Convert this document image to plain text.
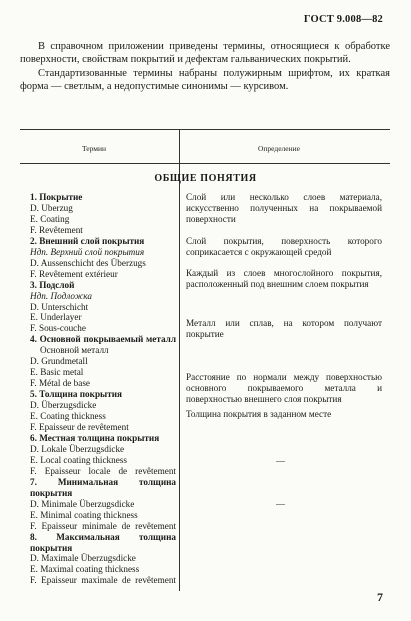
ГОСТ 9.008—82

В справочном приложении приведены термины, относящиеся к обработке поверхности, свойствам покрытий и дефектам гальванических покрытий.

Стандартизованные термины набраны полужирным шрифтом, их краткая форма — светлым, а недопустимые синонимы — курсивом.

Термин	Определение
ОБЩИЕ ПОНЯТИЯ
1. Покрытие
D. Uberzug
E. Coating
F. Revêtement
2. Внешний слой покрытия
Ндп. Верхний слой покрытия
D. Aussenschicht des Überzugs
F. Revêtement extérieur
3. Подслой
Ндп. Подложка
D. Unterschicht
E. Underlayer
F. Sous-couche
4. Основной покрываемый металл
Основной металл
D. Grundmetall
E. Basic metal
F. Métal de base
5. Толщина покрытия
D. Überzugsdicke
E. Coating thickness
F. Epaisseur de revêtement
6. Местная толщина покрытия
D. Lokale Überzugsdicke
E. Local coating thickness
F. Epaisseur locale de revêtement
7. Минимальная толщина покрытия
D. Minimale Überzugsdicke
E. Minimal coating thickness
F. Epaisseur minimale de revêtement
8. Максимальная толщина покрытия
D. Maximale Überzugsdicke
E. Maximal coating thickness
F. Epaisseur maximale de revêtement
Слой или несколько слоев материала, искусственно полученных на покрываемой поверхности
Слой покрытия, поверхность которого соприкасается с окружающей средой
Каждый из слоев многослойного покрытия, расположенный под внешним слоем покрытия
Металл или сплав, на котором получают покрытие
Расстояние по нормали между поверхностью основного покрываемого металла и поверхностью внешнего слоя покрытия
Толщина покрытия в заданном месте
—
—
7
